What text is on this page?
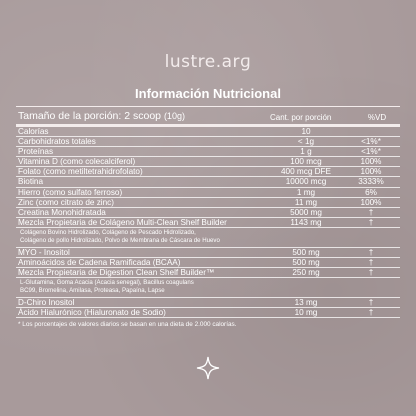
lustre.arɡ
Información Nutricional
Tamaño de la porción: 2 scoop (10g)	Cant. por porción	%VD
Calorías	10
Carbohidratos totales	< 1g	<1%*
Proteínas	1 g	<1%*
Vitamina D (como colecalciferol)	100 mcg	100%
Folato (como metiltetrahidrofolato)	400 mcg DFE	100%
Biotina	10000 mcg	3333%
Hierro (como sulfato ferroso)	1 mg	6%
Zinc (como citrato de zinc)	11 mg	100%
Creatina Monohidratada	5000 mg	†
Mezcla Propietaria de Colágeno Multi-Clean Shelf Builder	1143 mg	†
Colágeno Bovino Hidrolizado, Colágeno de Pescado Hidrolizado,
Colágeno de pollo Hidrolizado, Polvo de Membrana de Cáscara de Huevo
MYO - Inositol	500 mg	†
Aminoácidos de Cadena Ramificada (BCAA)	500 mg	†
Mezcla Propietaria de Digestion Clean Shelf Builder™	250 mg	†
L-Glutamina, Goma Acacia (Acacia senegal), Bacillus coagulans
BC99, Bromelina, Amilasa, Proteasa, Papaína, Lapse
D-Chiro Inositol	13 mg	†
Ácido Hialurónico (Hialuronato de Sodio)	10 mg	†
* Los porcentajes de valores diarios se basan en una dieta de 2.000 calorías.
